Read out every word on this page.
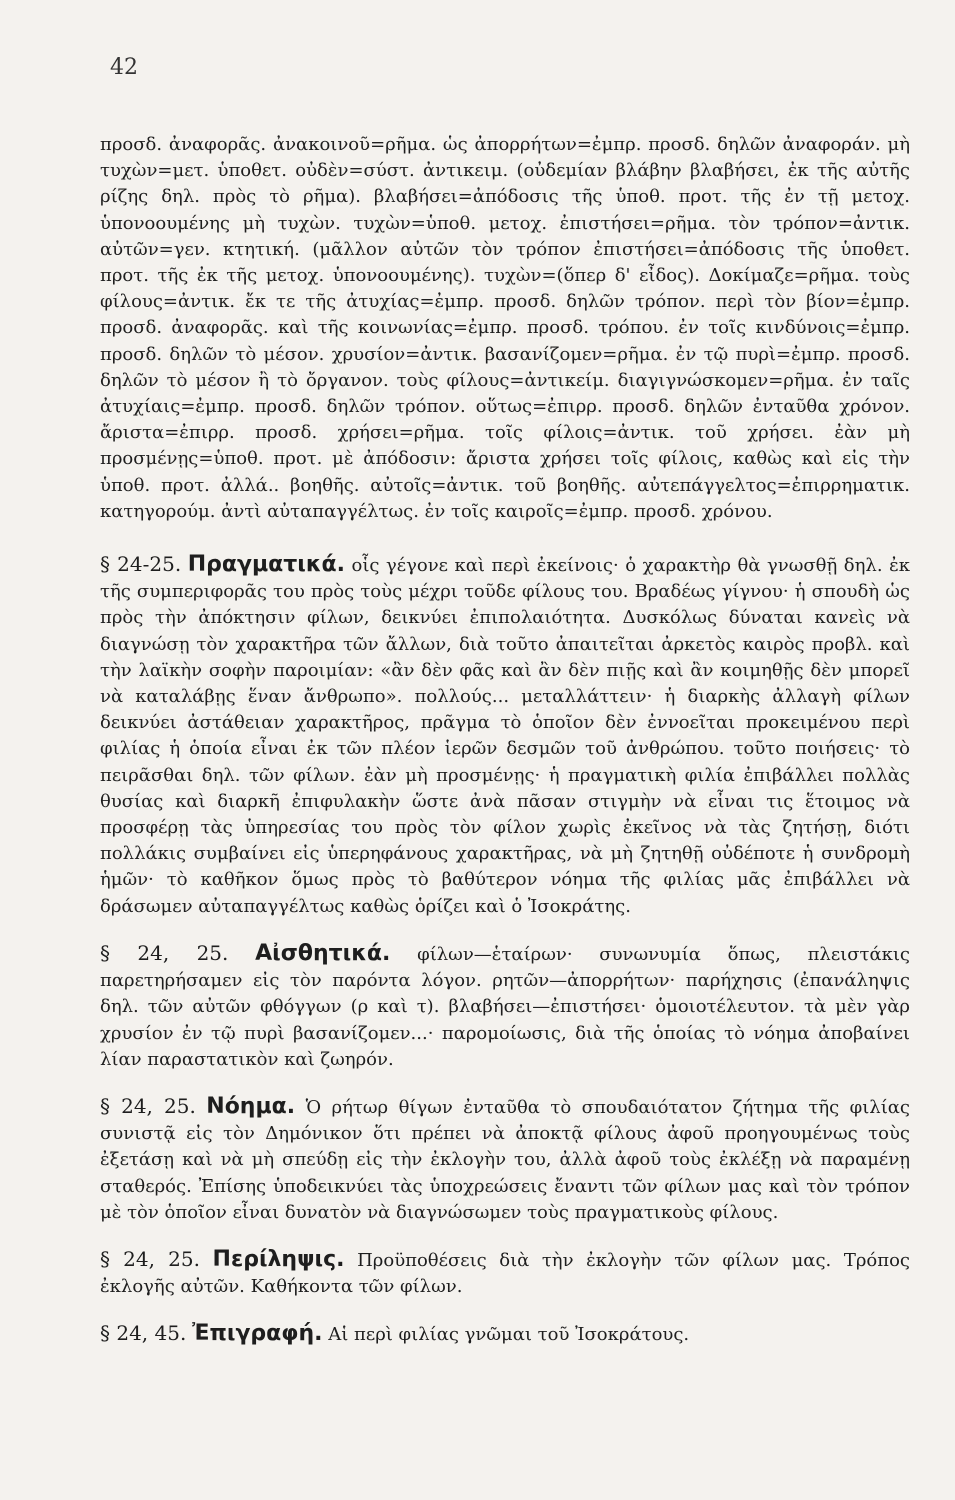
42

προσδ. ἀναφορᾶς. ἀνακοινοῦ=ρῆμα. ὡς ἀπορρήτων=ἐμπρ. προσδ. δηλῶν ἀναφοράν. μὴ τυχὼν=μετ. ὑποθετ. οὐδὲν=σύστ. ἀντικειμ. (οὐδεμίαν βλάβην βλαβήσει, ἐκ τῆς αὐτῆς ρίζης δηλ. πρὸς τὸ ρῆμα). βλαβήσει=ἀπόδοσις τῆς ὑποθ. προτ. τῆς ἐν τῇ μετοχ. ὑπονοουμένης μὴ τυχὼν. τυχὼν=ὑποθ. μετοχ. ἐπιστήσει=ρῆμα. τὸν τρόπον=ἀντικ. αὐτῶν=γεν. κτητική. (μᾶλλον αὐτῶν τὸν τρόπον ἐπιστήσει=ἀπόδοσις τῆς ὑποθετ. προτ. τῆς ἐκ τῆς μετοχ. ὑπονοουμένης). τυχὼν=(ὅπερ δ' εἶδος). Δοκίμαζε=ρῆμα. τοὺς φίλους=ἀντικ. ἔκ τε τῆς ἀτυχίας=ἐμπρ. προσδ. δηλῶν τρόπον. περὶ τὸν βίον=ἐμπρ. προσδ. ἀναφορᾶς. καὶ τῆς κοινωνίας=ἐμπρ. προσδ. τρόπου. ἐν τοῖς κινδύνοις=ἐμπρ. προσδ. δηλῶν τὸ μέσον. χρυσίον=ἀντικ. βασανίζομεν=ρῆμα. ἐν τῷ πυρὶ=ἐμπρ. προσδ. δηλῶν τὸ μέσον ἢ τὸ ὄργανον. τοὺς φίλους=ἀντικείμ. διαγιγνώσκομεν=ρῆμα. ἐν ταῖς ἀτυχίαις=ἐμπρ. προσδ. δηλῶν τρόπον. οὕτως=ἐπιρρ. προσδ. δηλῶν ἐνταῦθα χρόνον. ἄριστα=ἐπιρρ. προσδ. χρήσει=ρῆμα. τοῖς φίλοις=ἀντικ. τοῦ χρήσει. ἐὰν μὴ προσμένῃς=ὑποθ. προτ. μὲ ἀπόδοσιν: ἄριστα χρήσει τοῖς φίλοις, καθὼς καὶ εἰς τὴν ὑποθ. προτ. ἀλλά.. βοηθῆς. αὐτοῖς=ἀντικ. τοῦ βοηθῆς. αὐτεπάγγελτος=ἐπιρρηματικ. κατηγορούμ. ἀντὶ αὐταπαγγέλτως. ἐν τοῖς καιροῖς=ἐμπρ. προσδ. χρόνου.

§ 24-25. Πραγματικά. οἷς γέγονε καὶ περὶ ἐκείνοις· ὁ χαρακτὴρ θὰ γνωσθῇ δηλ. ἐκ τῆς συμπεριφορᾶς του πρὸς τοὺς μέχρι τοῦδε φίλους του. Βραδέως γίγνου· ἡ σπουδὴ ὡς πρὸς τὴν ἀπόκτησιν φίλων, δεικνύει ἐπιπολαιότητα. Δυσκόλως δύναται κανεὶς νὰ διαγνώσῃ τὸν χαρακτῆρα τῶν ἄλλων, διὰ τοῦτο ἀπαιτεῖται ἀρκετὸς καιρὸς προβλ. καὶ τὴν λαϊκὴν σοφὴν παροιμίαν: «ἂν δὲν φᾶς καὶ ἂν δὲν πιῇς καὶ ἂν κοιμηθῇς δὲν μπορεῖ νὰ καταλάβῃς ἕναν ἄνθρωπο». πολλούς... μεταλλάττειν· ἡ διαρκὴς ἀλλαγὴ φίλων δεικνύει ἀστάθειαν χαρακτῆρος, πρᾶγμα τὸ ὁποῖον δὲν ἐννοεῖται προκειμένου περὶ φιλίας ἡ ὁποία εἶναι ἐκ τῶν πλέον ἱερῶν δεσμῶν τοῦ ἀνθρώπου. τοῦτο ποιήσεις· τὸ πειρᾶσθαι δηλ. τῶν φίλων. ἐὰν μὴ προσμένῃς· ἡ πραγματικὴ φιλία ἐπιβάλλει πολλὰς θυσίας καὶ διαρκῆ ἐπιφυλακὴν ὥστε ἀνὰ πᾶσαν στιγμὴν νὰ εἶναι τις ἕτοιμος νὰ προσφέρῃ τὰς ὑπηρεσίας του πρὸς τὸν φίλον χωρὶς ἐκεῖνος νὰ τὰς ζητήσῃ, διότι πολλάκις συμβαίνει εἰς ὑπερηφάνους χαρακτῆρας, νὰ μὴ ζητηθῇ οὐδέποτε ἡ συνδρομὴ ἡμῶν· τὸ καθῆκον ὅμως πρὸς τὸ βαθύτερον νόημα τῆς φιλίας μᾶς ἐπιβάλλει νὰ δράσωμεν αὐταπαγγέλτως καθὼς ὁρίζει καὶ ὁ Ἰσοκράτης.

§ 24, 25. Αἰσθητικά. φίλων—ἑταίρων· συνωνυμία ὅπως, πλειστάκις παρετηρήσαμεν εἰς τὸν παρόντα λόγον. ρητῶν—ἀπορρήτων· παρήχησις (ἐπανάληψις δηλ. τῶν αὐτῶν φθόγγων (ρ καὶ τ). βλαβήσει—ἐπιστήσει· ὁμοιοτέλευτον. τὰ μὲν γὰρ χρυσίον ἐν τῷ πυρὶ βασανίζομεν...· παρομοίωσις, διὰ τῆς ὁποίας τὸ νόημα ἀποβαίνει λίαν παραστατικὸν καὶ ζωηρόν.

§ 24, 25. Νόημα. Ὁ ρήτωρ θίγων ἐνταῦθα τὸ σπουδαιότατον ζήτημα τῆς φιλίας συνιστᾷ εἰς τὸν Δημόνικον ὅτι πρέπει νὰ ἀποκτᾷ φίλους ἀφοῦ προηγουμένως τοὺς ἐξετάσῃ καὶ νὰ μὴ σπεύδῃ εἰς τὴν ἐκλογὴν του, ἀλλὰ ἀφοῦ τοὺς ἐκλέξῃ νὰ παραμένῃ σταθερός. Ἐπίσης ὑποδεικνύει τὰς ὑποχρεώσεις ἔναντι τῶν φίλων μας καὶ τὸν τρόπον μὲ τὸν ὁποῖον εἶναι δυνατὸν νὰ διαγνώσωμεν τοὺς πραγματικοὺς φίλους.

§ 24, 25. Περίληψις. Προϋποθέσεις διὰ τὴν ἐκλογὴν τῶν φίλων μας. Τρόπος ἐκλογῆς αὐτῶν. Καθήκοντα τῶν φίλων.

§ 24, 45. Ἐπιγραφή. Αἱ περὶ φιλίας γνῶμαι τοῦ Ἰσοκράτους.
